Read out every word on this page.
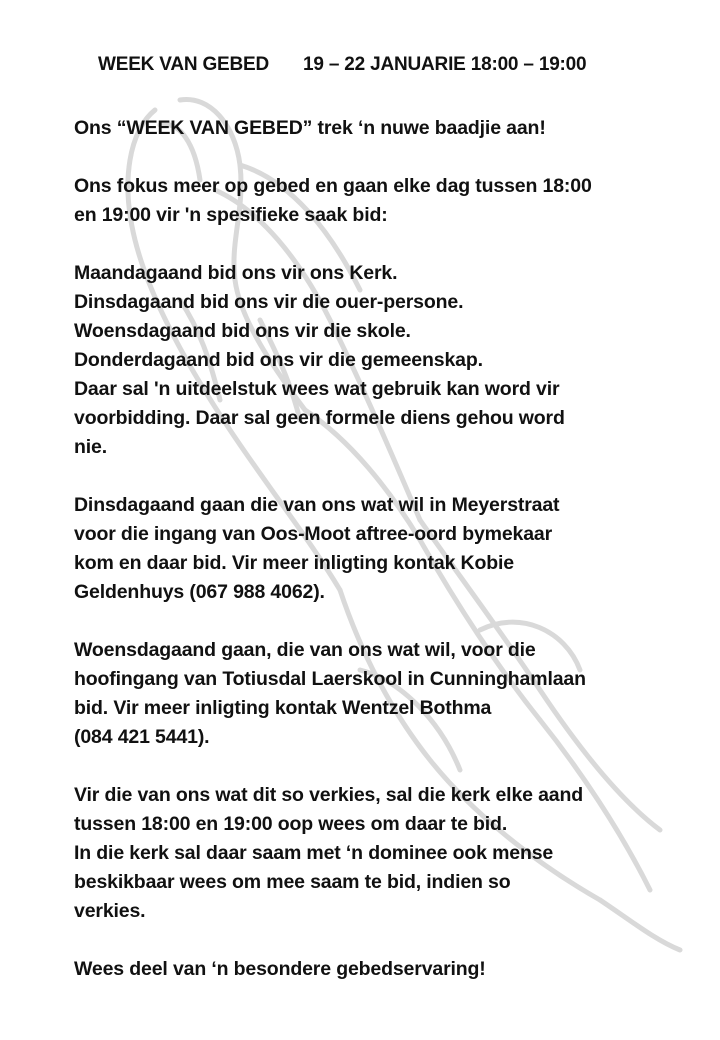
WEEK VAN GEBED 19 – 22 JANUARIE 18:00 – 19:00

Ons “WEEK VAN GEBED” trek ‘n nuwe baadjie aan!

Ons fokus meer op gebed en gaan elke dag tussen 18:00
en 19:00 vir 'n spesifieke saak bid:

Maandagaand bid ons vir ons Kerk.
Dinsdagaand bid ons vir die ouer-persone.
Woensdagaand bid ons vir die skole.
Donderdagaand bid ons vir die gemeenskap.
Daar sal 'n uitdeelstuk wees wat gebruik kan word vir
voorbidding. Daar sal geen formele diens gehou word
nie.

Dinsdagaand gaan die van ons wat wil in Meyerstraat
voor die ingang van Oos-Moot aftree-oord bymekaar
kom en daar bid. Vir meer inligting kontak Kobie
Geldenhuys (067 988 4062).

Woensdagaand gaan, die van ons wat wil, voor die
hoofingang van Totiusdal Laerskool in Cunninghamlaan
bid. Vir meer inligting kontak Wentzel Bothma
(084 421 5441).

Vir die van ons wat dit so verkies, sal die kerk elke aand
tussen 18:00 en 19:00 oop wees om daar te bid.
In die kerk sal daar saam met ‘n dominee ook mense
beskikbaar wees om mee saam te bid, indien so
verkies.

Wees deel van ‘n besondere gebedservaring!
